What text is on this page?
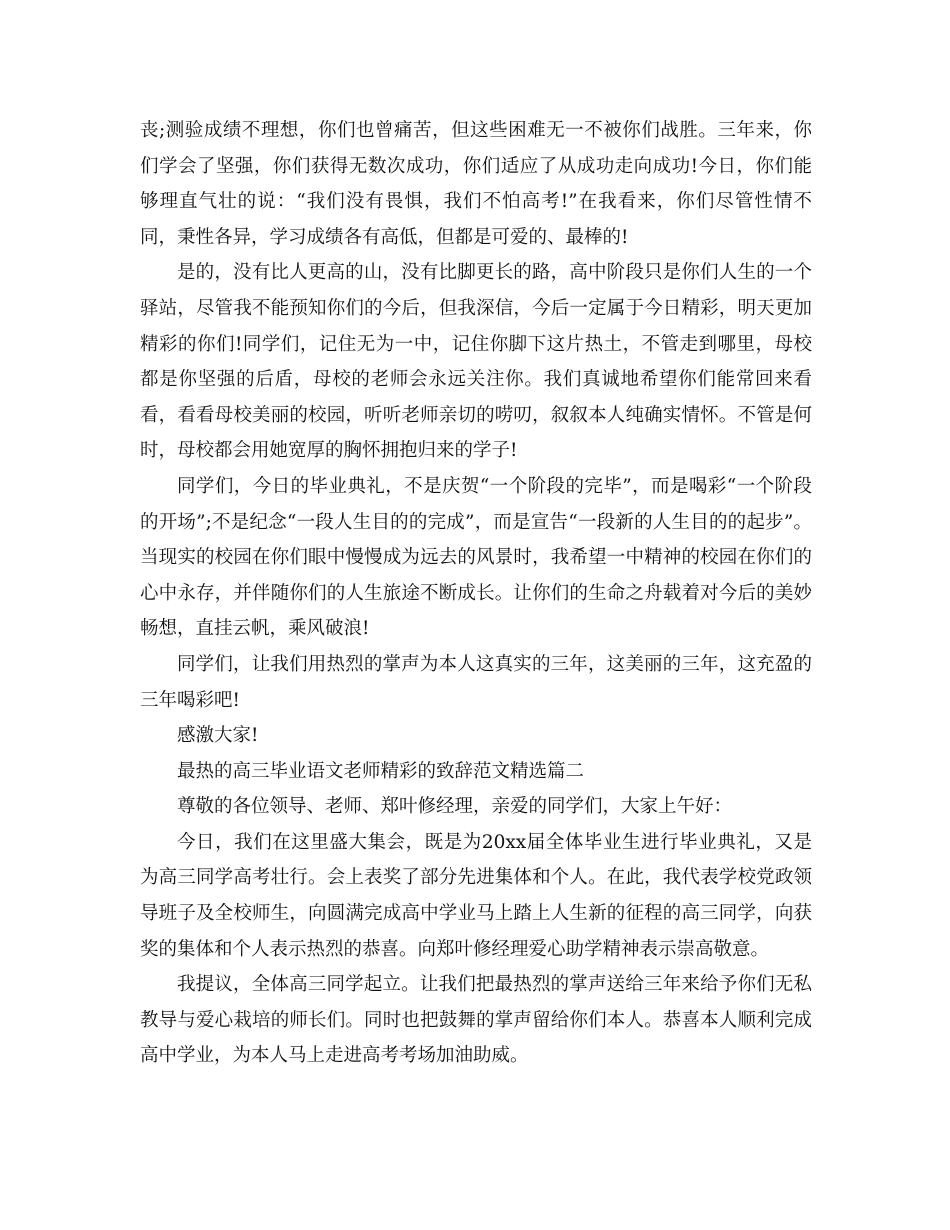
丧;测验成绩不理想，你们也曾痛苦，但这些困难无一不被你们战胜。三年来，你们学会了坚强，你们获得无数次成功，你们适应了从成功走向成功!今日，你们能够理直气壮的说：“我们没有畏惧，我们不怕高考!”在我看来，你们尽管性情不同，秉性各异，学习成绩各有高低，但都是可爱的、最棒的!

是的，没有比人更高的山，没有比脚更长的路，高中阶段只是你们人生的一个驿站，尽管我不能预知你们的今后，但我深信，今后一定属于今日精彩，明天更加精彩的你们!同学们，记住无为一中，记住你脚下这片热土，不管走到哪里，母校都是你坚强的后盾，母校的老师会永远关注你。我们真诚地希望你们能常回来看看，看看母校美丽的校园，听听老师亲切的唠叨，叙叙本人纯确实情怀。不管是何时，母校都会用她宽厚的胸怀拥抱归来的学子!

同学们，今日的毕业典礼，不是庆贺“一个阶段的完毕”，而是喝彩“一个阶段的开场”;不是纪念“一段人生目的的完成”，而是宣告“一段新的人生目的的起步”。当现实的校园在你们眼中慢慢成为远去的风景时，我希望一中精神的校园在你们的心中永存，并伴随你们的人生旅途不断成长。让你们的生命之舟载着对今后的美妙畅想，直挂云帆，乘风破浪!

同学们，让我们用热烈的掌声为本人这真实的三年，这美丽的三年，这充盈的三年喝彩吧!

感激大家!

最热的高三毕业语文老师精彩的致辞范文精选篇二

尊敬的各位领导、老师、郑叶修经理，亲爱的同学们，大家上午好：

今日，我们在这里盛大集会，既是为20xx届全体毕业生进行毕业典礼，又是为高三同学高考壮行。会上表奖了部分先进集体和个人。在此，我代表学校党政领导班子及全校师生，向圆满完成高中学业马上踏上人生新的征程的高三同学，向获奖的集体和个人表示热烈的恭喜。向郑叶修经理爱心助学精神表示崇高敬意。

我提议，全体高三同学起立。让我们把最热烈的掌声送给三年来给予你们无私教导与爱心栽培的师长们。同时也把鼓舞的掌声留给你们本人。恭喜本人顺利完成高中学业，为本人马上走进高考考场加油助威。
